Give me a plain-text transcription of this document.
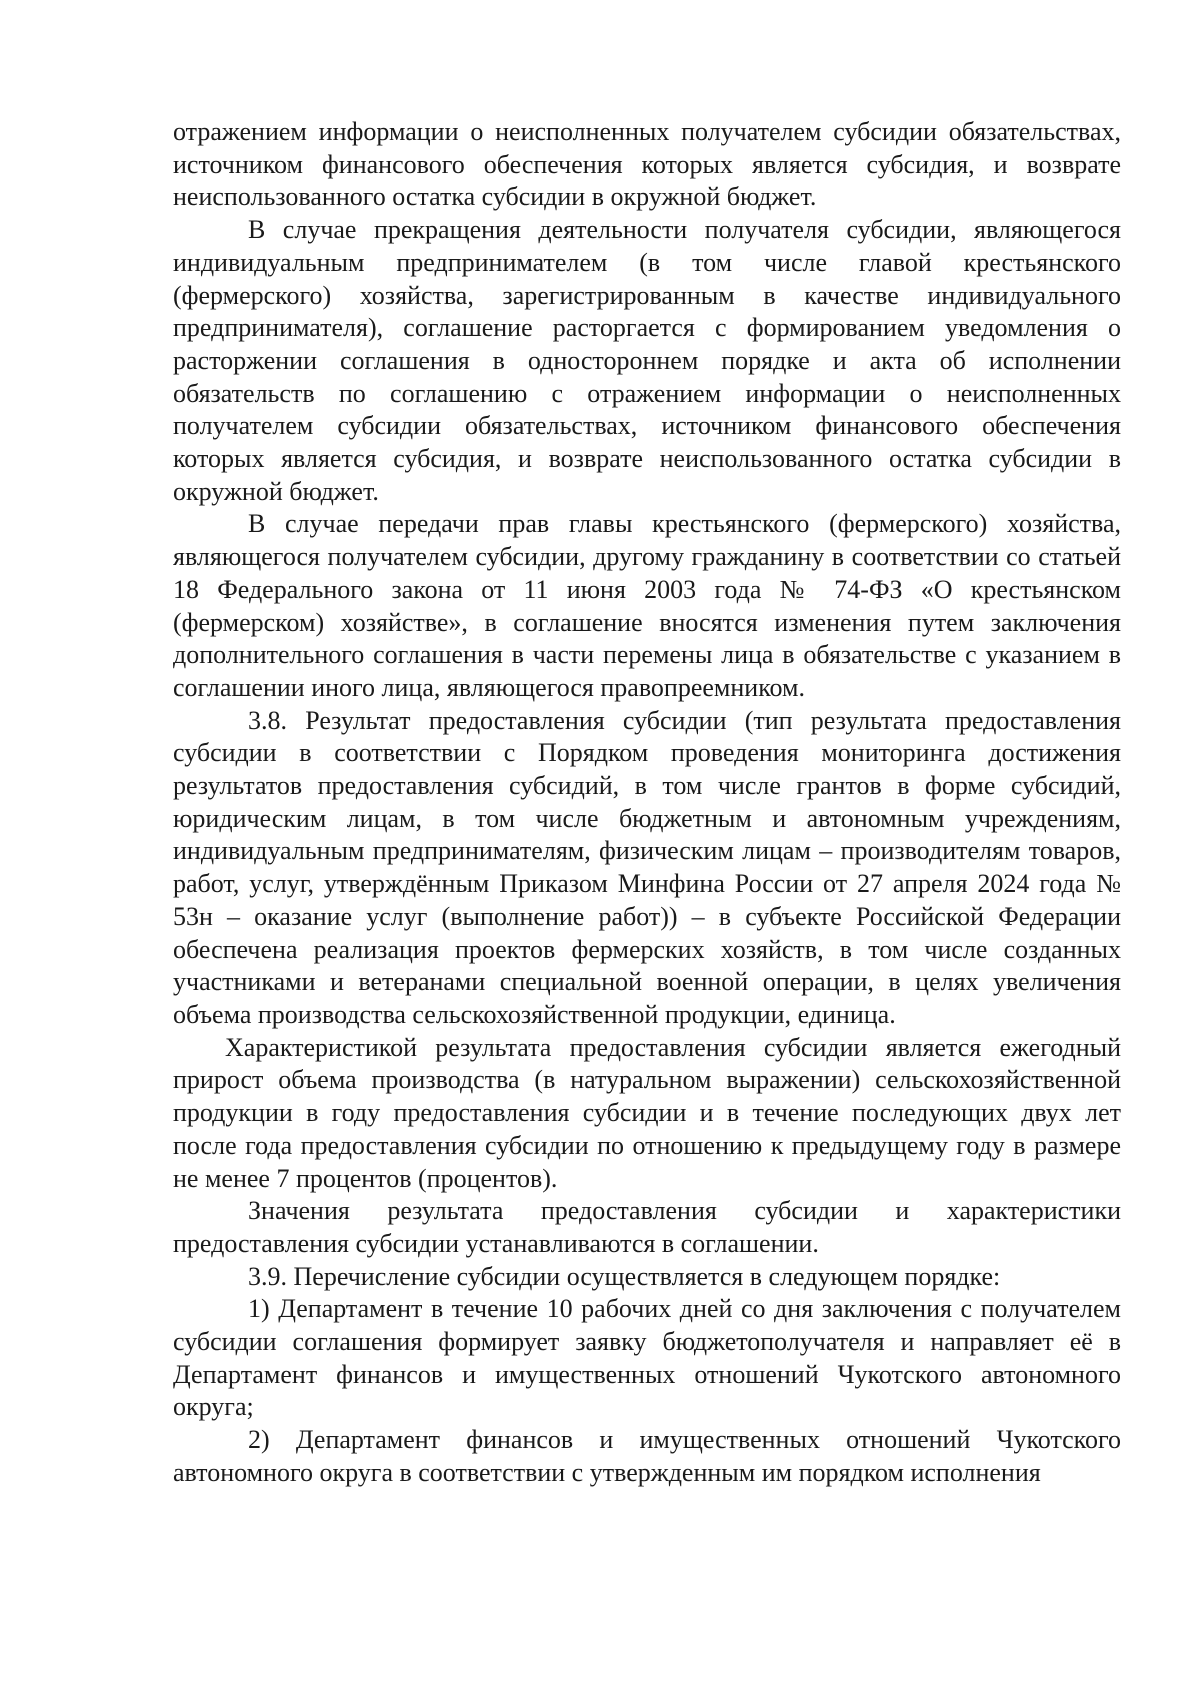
отражением информации о неисполненных получателем субсидии обязательствах, источником финансового обеспечения которых является субсидия, и возврате неиспользованного остатка субсидии в окружной бюджет.

В случае прекращения деятельности получателя субсидии, являющегося индивидуальным предпринимателем (в том числе главой крестьянского (фермерского) хозяйства, зарегистрированным в качестве индивидуального предпринимателя), соглашение расторгается с формированием уведомления о расторжении соглашения в одностороннем порядке и акта об исполнении обязательств по соглашению с отражением информации о неисполненных получателем субсидии обязательствах, источником финансового обеспечения которых является субсидия, и возврате неиспользованного остатка субсидии в окружной бюджет.

В случае передачи прав главы крестьянского (фермерского) хозяйства, являющегося получателем субсидии, другому гражданину в соответствии со статьей 18 Федерального закона от 11 июня 2003 года № 74-ФЗ «О крестьянском (фермерском) хозяйстве», в соглашение вносятся изменения путем заключения дополнительного соглашения в части перемены лица в обязательстве с указанием в соглашении иного лица, являющегося правопреемником.

3.8. Результат предоставления субсидии (тип результата предоставления субсидии в соответствии с Порядком проведения мониторинга достижения результатов предоставления субсидий, в том числе грантов в форме субсидий, юридическим лицам, в том числе бюджетным и автономным учреждениям, индивидуальным предпринимателям, физическим лицам – производителям товаров, работ, услуг, утверждённым Приказом Минфина России от 27 апреля 2024 года № 53н – оказание услуг (выполнение работ)) – в субъекте Российской Федерации обеспечена реализация проектов фермерских хозяйств, в том числе созданных участниками и ветеранами специальной военной операции, в целях увеличения объема производства сельскохозяйственной продукции, единица.

Характеристикой результата предоставления субсидии является ежегодный прирост объема производства (в натуральном выражении) сельскохозяйственной продукции в году предоставления субсидии и в течение последующих двух лет после года предоставления субсидии по отношению к предыдущему году в размере не менее 7 процентов (процентов).

Значения результата предоставления субсидии и характеристики предоставления субсидии устанавливаются в соглашении.

3.9. Перечисление субсидии осуществляется в следующем порядке:

1) Департамент в течение 10 рабочих дней со дня заключения с получателем субсидии соглашения формирует заявку бюджетополучателя и направляет её в Департамент финансов и имущественных отношений Чукотского автономного округа;

2) Департамент финансов и имущественных отношений Чукотского автономного округа в соответствии с утвержденным им порядком исполнения
